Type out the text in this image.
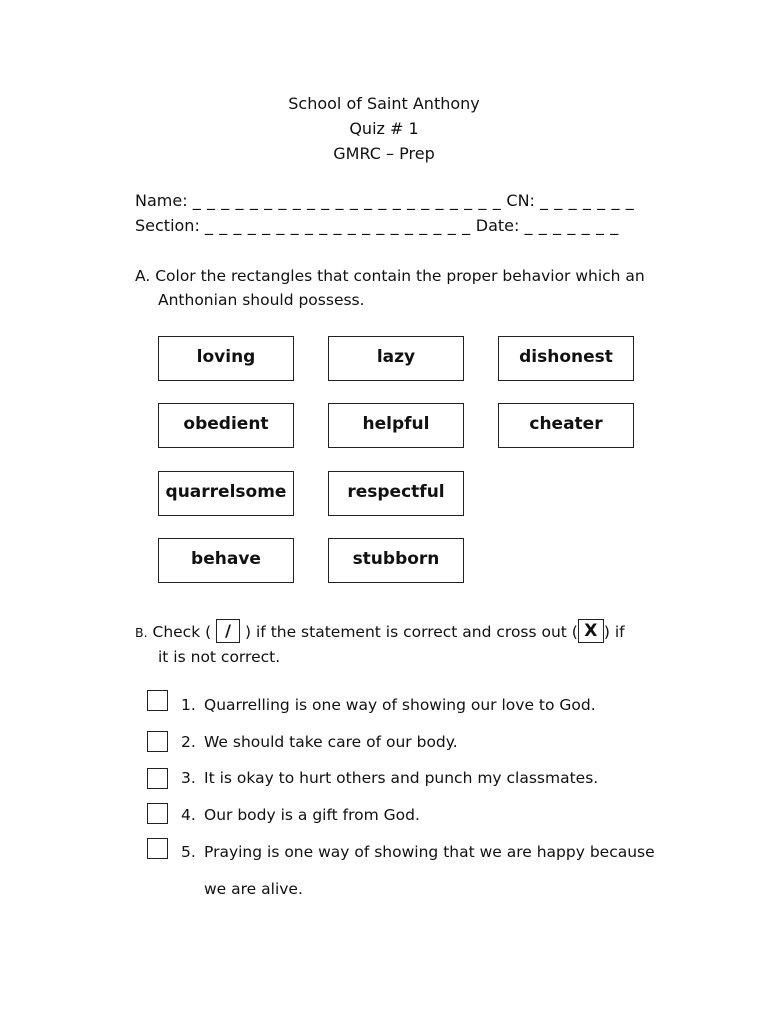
School of Saint Anthony
Quiz # 1
GMRC – Prep
Name: _ _ _ _ _ _ _ _ _ _ _ _ _ _ _ _ _ _ _ _ _ _ CN: _ _ _ _ _ _ _
Section: _ _ _ _ _ _ _ _ _ _ _ _ _ _ _ _ _ _ _ Date: _ _ _ _ _ _ _
A. Color the rectangles that contain the proper behavior which an
Anthonian should possess.
loving	lazy	dishonest
obedient	helpful	cheater
quarrelsome	respectful
behave	stubborn
B. Check ( / ) if the statement is correct and cross out ( X ) if
it is not correct.
1. Quarrelling is one way of showing our love to God.
2. We should take care of our body.
3. It is okay to hurt others and punch my classmates.
4. Our body is a gift from God.
5. Praying is one way of showing that we are happy because
we are alive.
